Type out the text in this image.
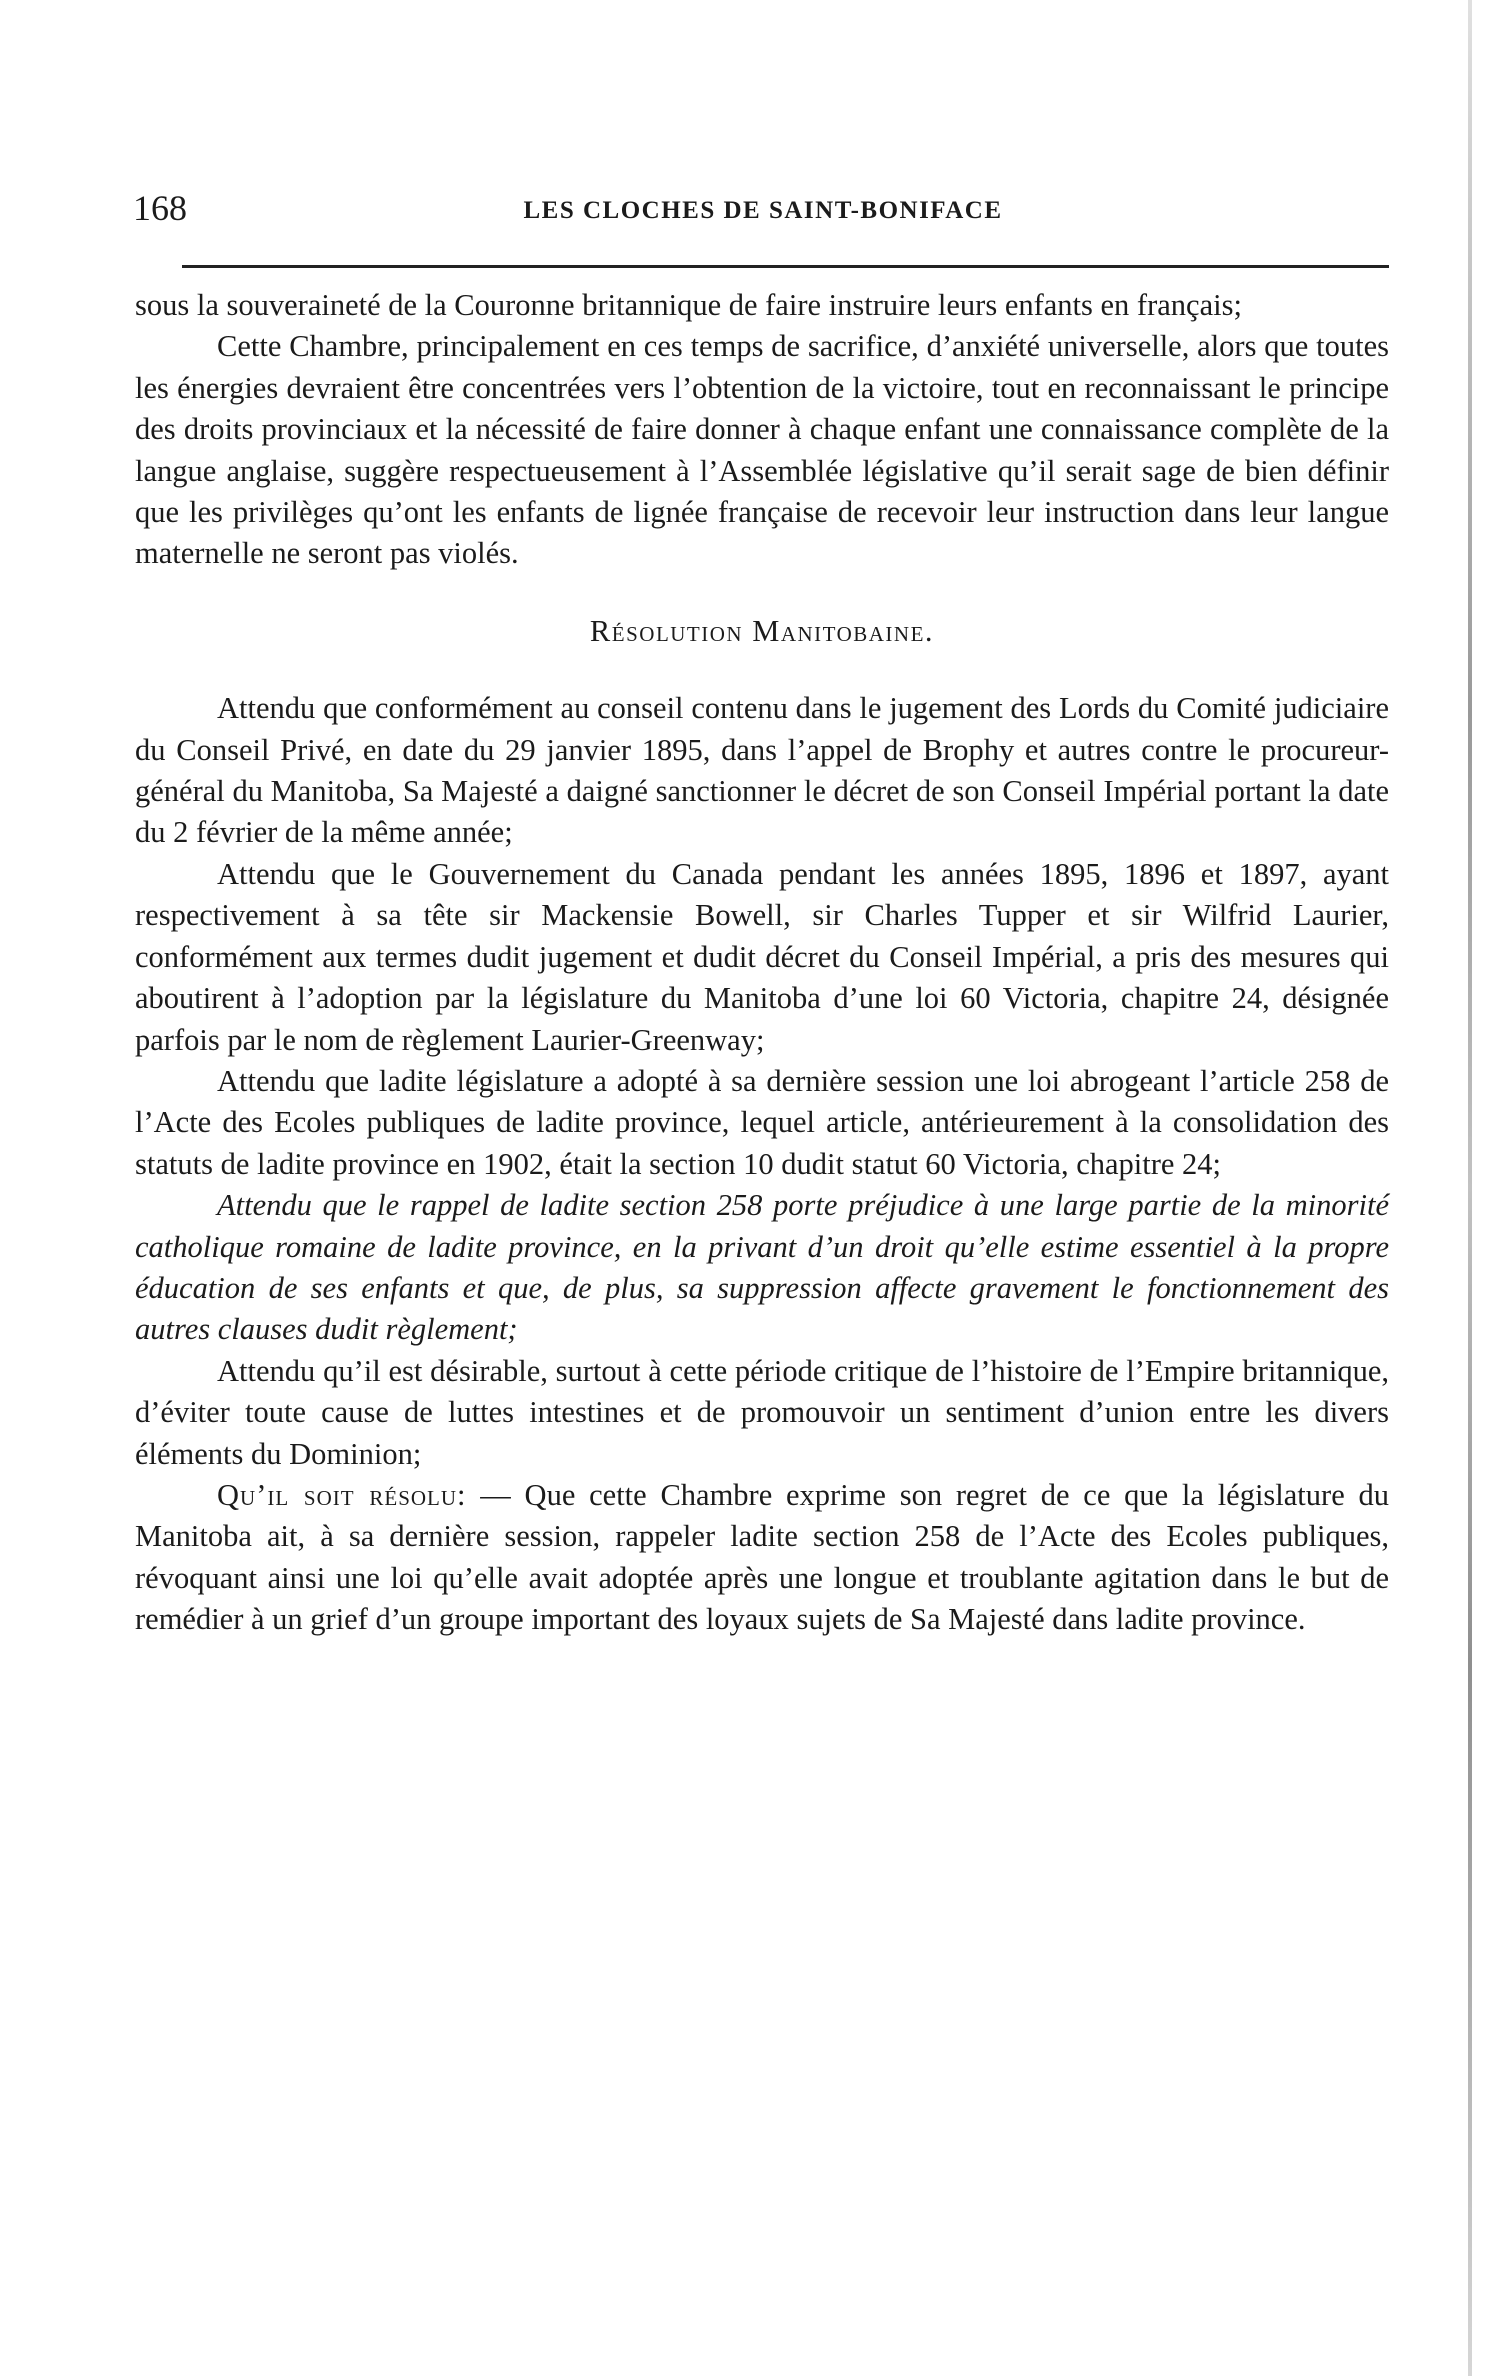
168	LES CLOCHES DE SAINT-BONIFACE

sous la souveraineté de la Couronne britannique de faire instruire leurs enfants en français;

Cette Chambre, principalement en ces temps de sacrifice, d’anxiété universelle, alors que toutes les énergies devraient être concentrées vers l’obtention de la victoire, tout en reconnaissant le principe des droits provinciaux et la nécessité de faire donner à chaque enfant une connaissance complète de la langue anglaise, suggère respectueusement à l’Assemblée législative qu’il serait sage de bien définir que les privilèges qu’ont les enfants de lignée française de recevoir leur instruction dans leur langue maternelle ne seront pas violés.

Résolution Manitobaine.

Attendu que conformément au conseil contenu dans le jugement des Lords du Comité judiciaire du Conseil Privé, en date du 29 janvier 1895, dans l’appel de Brophy et autres contre le procureur-général du Manitoba, Sa Majesté a daigné sanctionner le décret de son Conseil Impérial portant la date du 2 février de la même année;

Attendu que le Gouvernement du Canada pendant les années 1895, 1896 et 1897, ayant respectivement à sa tête sir Mackensie Bowell, sir Charles Tupper et sir Wilfrid Laurier, conformément aux termes dudit jugement et dudit décret du Conseil Impérial, a pris des mesures qui aboutirent à l’adoption par la législature du Manitoba d’une loi 60 Victoria, chapitre 24, désignée parfois par le nom de règlement Laurier-Greenway;

Attendu que ladite législature a adopté à sa dernière session une loi abrogeant l’article 258 de l’Acte des Ecoles publiques de ladite province, lequel article, antérieurement à la consolidation des statuts de ladite province en 1902, était la section 10 dudit statut 60 Victoria, chapitre 24;

Attendu que le rappel de ladite section 258 porte préjudice à une large partie de la minorité catholique romaine de ladite province, en la privant d’un droit qu’elle estime essentiel à la propre éducation de ses enfants et que, de plus, sa suppression affecte gravement le fonctionnement des autres clauses dudit règlement;

Attendu qu’il est désirable, surtout à cette période critique de l’histoire de l’Empire britannique, d’éviter toute cause de luttes intestines et de promouvoir un sentiment d’union entre les divers éléments du Dominion;

Qu’il soit résolu: — Que cette Chambre exprime son regret de ce que la législature du Manitoba ait, à sa dernière session, rappeler ladite section 258 de l’Acte des Ecoles publiques, révoquant ainsi une loi qu’elle avait adoptée après une longue et troublante agitation dans le but de remédier à un grief d’un groupe important des loyaux sujets de Sa Majesté dans ladite province.
